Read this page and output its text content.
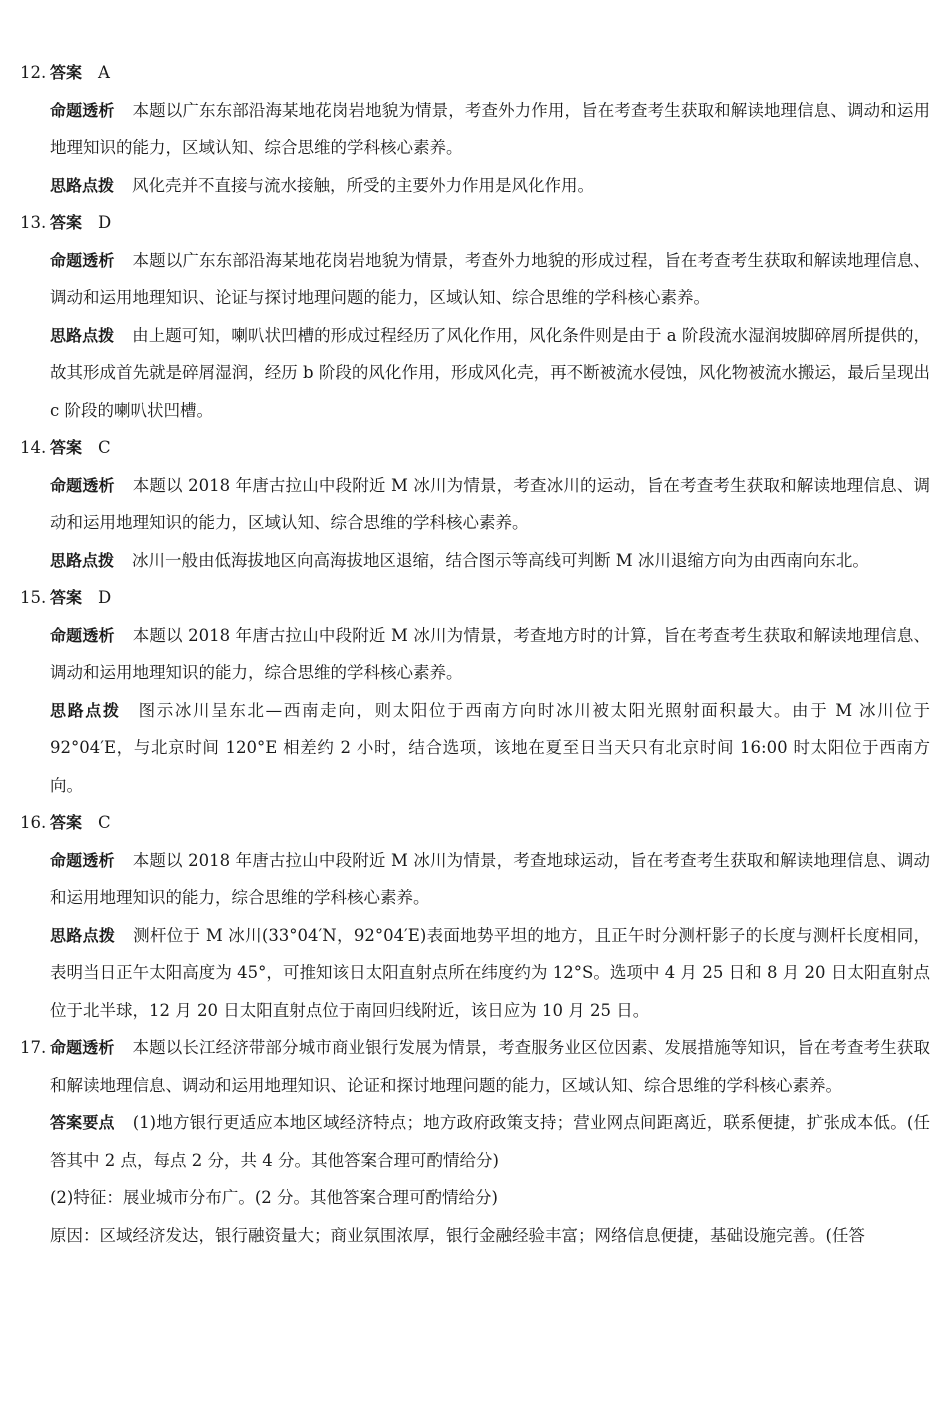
12. 答案 A

命题透析 本题以广东东部沿海某地花岗岩地貌为情景，考查外力作用，旨在考查考生获取和解读地理信息、调动和运用地理知识的能力，区域认知、综合思维的学科核心素养。

思路点拨 风化壳并不直接与流水接触，所受的主要外力作用是风化作用。

13. 答案 D

命题透析 本题以广东东部沿海某地花岗岩地貌为情景，考查外力地貌的形成过程，旨在考查考生获取和解读地理信息、调动和运用地理知识、论证与探讨地理问题的能力，区域认知、综合思维的学科核心素养。

思路点拨 由上题可知，喇叭状凹槽的形成过程经历了风化作用，风化条件则是由于 a 阶段流水湿润坡脚碎屑所提供的，故其形成首先就是碎屑湿润，经历 b 阶段的风化作用，形成风化壳，再不断被流水侵蚀，风化物被流水搬运，最后呈现出 c 阶段的喇叭状凹槽。

14. 答案 C

命题透析 本题以 2018 年唐古拉山中段附近 M 冰川为情景，考查冰川的运动，旨在考查考生获取和解读地理信息、调动和运用地理知识的能力，区域认知、综合思维的学科核心素养。

思路点拨 冰川一般由低海拔地区向高海拔地区退缩，结合图示等高线可判断 M 冰川退缩方向为由西南向东北。

15. 答案 D

命题透析 本题以 2018 年唐古拉山中段附近 M 冰川为情景，考查地方时的计算，旨在考查考生获取和解读地理信息、调动和运用地理知识的能力，综合思维的学科核心素养。

思路点拨 图示冰川呈东北—西南走向，则太阳位于西南方向时冰川被太阳光照射面积最大。由于 M 冰川位于 92°04′E，与北京时间 120°E 相差约 2 小时，结合选项，该地在夏至日当天只有北京时间 16:00 时太阳位于西南方向。

16. 答案 C

命题透析 本题以 2018 年唐古拉山中段附近 M 冰川为情景，考查地球运动，旨在考查考生获取和解读地理信息、调动和运用地理知识的能力，综合思维的学科核心素养。

思路点拨 测杆位于 M 冰川(33°04′N，92°04′E)表面地势平坦的地方，且正午时分测杆影子的长度与测杆长度相同，表明当日正午太阳高度为 45°，可推知该日太阳直射点所在纬度约为 12°S。选项中 4 月 25 日和 8 月 20 日太阳直射点位于北半球，12 月 20 日太阳直射点位于南回归线附近，该日应为 10 月 25 日。

17. 命题透析 本题以长江经济带部分城市商业银行发展为情景，考查服务业区位因素、发展措施等知识，旨在考查考生获取和解读地理信息、调动和运用地理知识、论证和探讨地理问题的能力，区域认知、综合思维的学科核心素养。

答案要点 (1)地方银行更适应本地区域经济特点；地方政府政策支持；营业网点间距离近，联系便捷，扩张成本低。(任答其中 2 点，每点 2 分，共 4 分。其他答案合理可酌情给分)

(2)特征：展业城市分布广。(2 分。其他答案合理可酌情给分)

原因：区域经济发达，银行融资量大；商业氛围浓厚，银行金融经验丰富；网络信息便捷，基础设施完善。(任答
